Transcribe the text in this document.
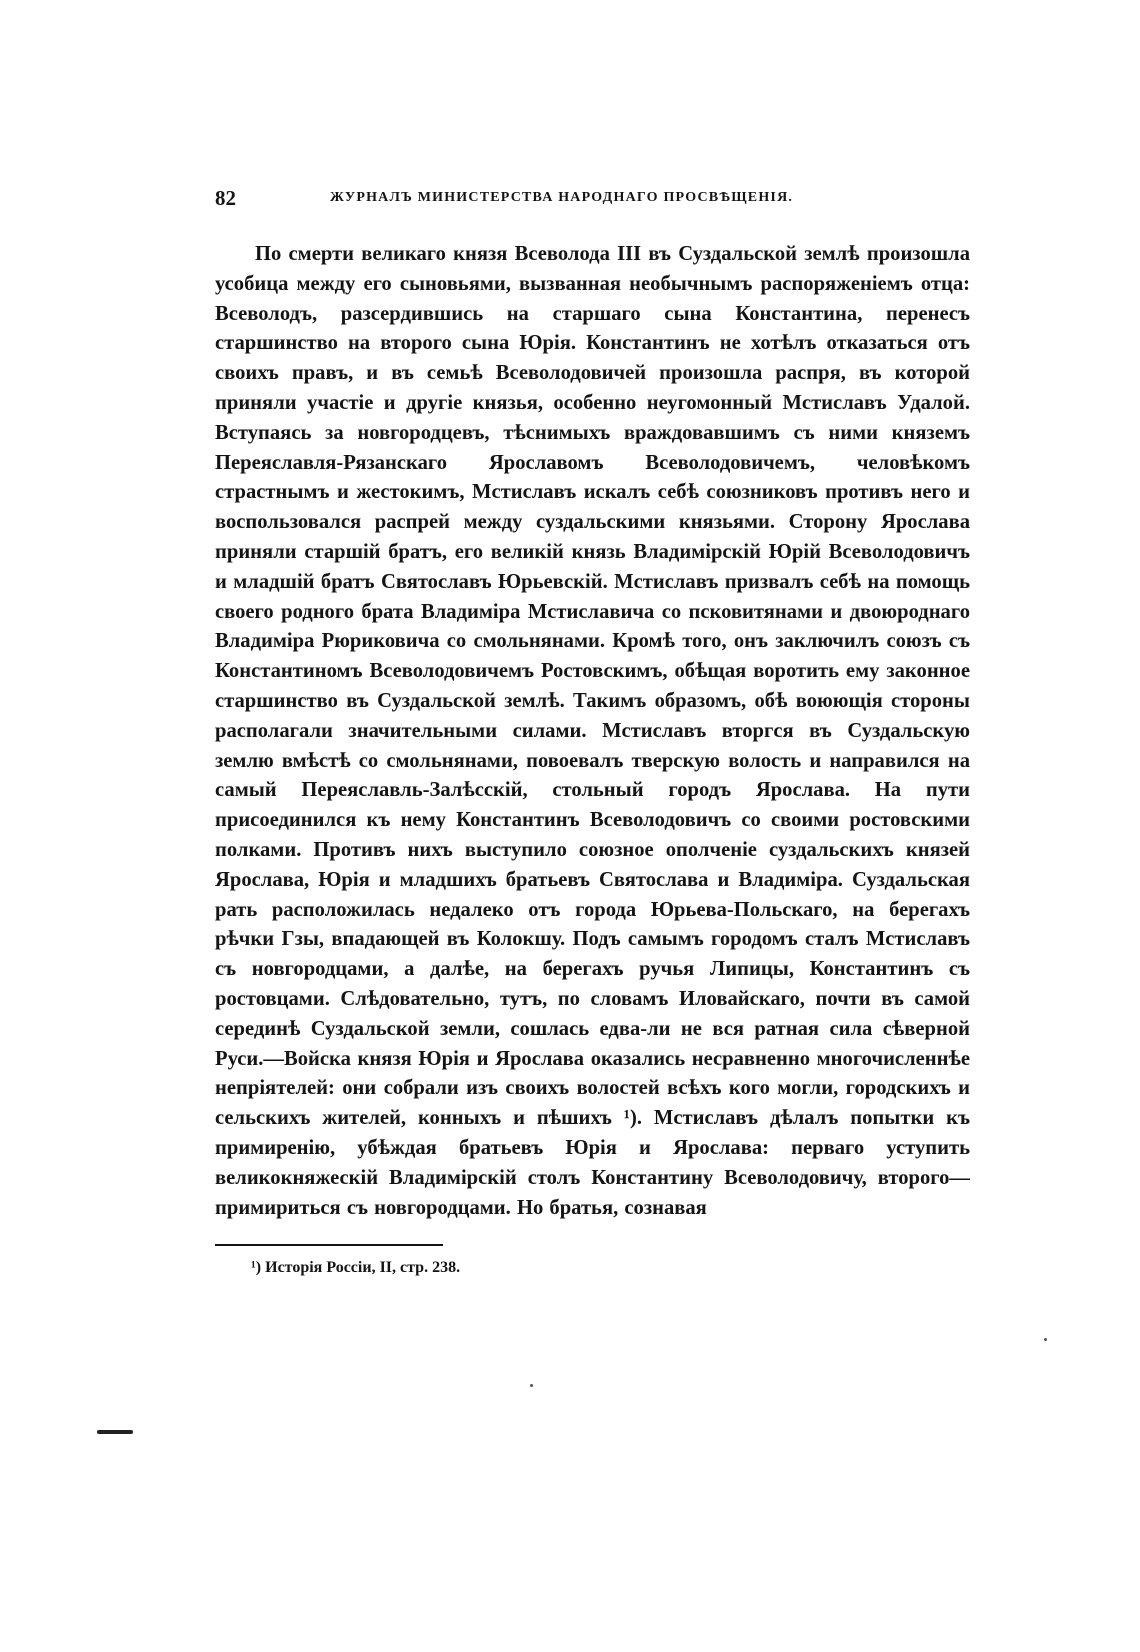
82	ЖУРНАЛЪ МИНИСТЕРСТВА НАРОДНАГО ПРОСВѢЩЕНІЯ.

По смерти великаго князя Всеволода III въ Суздальской землѣ произошла усобица между его сыновьями, вызванная необычнымъ распоряженіемъ отца: Всеволодъ, разсердившись на старшаго сына Константина, перенесъ старшинство на второго сына Юрія. Константинъ не хотѣлъ отказаться отъ своихъ правъ, и въ семьѣ Всеволодовичей произошла распря, въ которой приняли участіе и другіе князья, особенно неугомонный Мстиславъ Удалой. Вступаясь за новгородцевъ, тѣснимыхъ враждовавшимъ съ ними княземъ Переяславля-Рязанскаго Ярославомъ Всеволодовичемъ, человѣкомъ страстнымъ и жестокимъ, Мстиславъ искалъ себѣ союзниковъ противъ него и воспользовался распрей между суздальскими князьями. Сторону Ярослава приняли старшій братъ, его великій князь Владимірскій Юрій Всеволодовичъ и младшій братъ Святославъ Юрьевскій. Мстиславъ призвалъ себѣ на помощь своего родного брата Владиміра Мстиславича со псковитянами и двоюроднаго Владиміра Рюриковича со смольнянами. Кромѣ того, онъ заключилъ союзъ съ Константиномъ Всеволодовичемъ Ростовскимъ, обѣщая воротить ему законное старшинство въ Суздальской землѣ. Такимъ образомъ, обѣ воюющія стороны располагали значительными силами. Мстиславъ вторгся въ Суздальскую землю вмѣстѣ со смольнянами, повоевалъ тверскую волость и направился на самый Переяславль-Залѣсскій, стольный городъ Ярослава. На пути присоединился къ нему Константинъ Всеволодовичъ со своими ростовскими полками. Противъ нихъ выступило союзное ополченіе суздальскихъ князей Ярослава, Юрія и младшихъ братьевъ Святослава и Владиміра. Суздальская рать расположилась недалеко отъ города Юрьева-Польскаго, на берегахъ рѣчки Гзы, впадающей въ Колокшу. Подъ самымъ городомъ сталъ Мстиславъ съ новгородцами, а далѣе, на берегахъ ручья Липицы, Константинъ съ ростовцами. Слѣдовательно, тутъ, по словамъ Иловайскаго, почти въ самой серединѣ Суздальской земли, сошлась едва-ли не вся ратная сила сѣверной Руси.—Войска князя Юрія и Ярослава оказались несравненно многочисленнѣе непріятелей: они собрали изъ своихъ волостей всѣхъ кого могли, городскихъ и сельскихъ жителей, конныхъ и пѣшихъ ¹). Мстиславъ дѣлалъ попытки къ примиренію, убѣждая братьевъ Юрія и Ярослава: перваго уступить великокняжескій Владимірскій столъ Константину Всеволодовичу, второго—примириться съ новгородцами. Но братья, сознавая

¹) Исторія Россіи, II, стр. 238.
